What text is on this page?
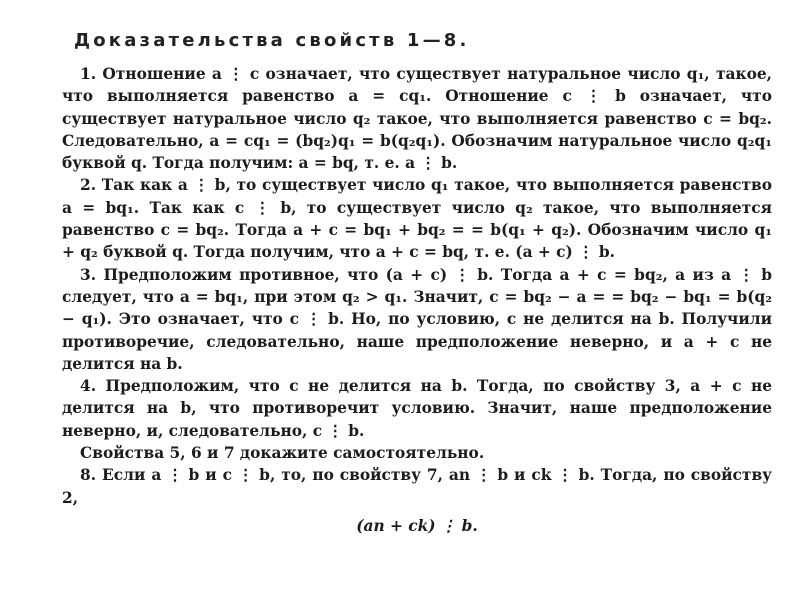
Доказательства свойств 1—8.

1. Отношение a ⋮ c означает, что существует натуральное число q₁, такое, что выполняется равенство a = cq₁. Отношение c ⋮ b означает, что существует натуральное число q₂ такое, что выполняется равенство c = bq₂. Следовательно, a = cq₁ = (bq₂)q₁ = b(q₂q₁). Обозначим натуральное число q₂q₁ буквой q. Тогда получим: a = bq, т. е. a ⋮ b.

2. Так как a ⋮ b, то существует число q₁ такое, что выполняется равенство a = bq₁. Так как c ⋮ b, то существует число q₂ такое, что выполняется равенство c = bq₂. Тогда a + c = bq₁ + bq₂ = = b(q₁ + q₂). Обозначим число q₁ + q₂ буквой q. Тогда получим, что a + c = bq, т. е. (a + c) ⋮ b.

3. Предположим противное, что (a + c) ⋮ b. Тогда a + c = bq₂, а из a ⋮ b следует, что a = bq₁, при этом q₂ > q₁. Значит, c = bq₂ − a = = bq₂ − bq₁ = b(q₂ − q₁). Это означает, что c ⋮ b. Но, по условию, c не делится на b. Получили противоречие, следовательно, наше предположение неверно, и a + c не делится на b.

4. Предположим, что c не делится на b. Тогда, по свойству 3, a + c не делится на b, что противоречит условию. Значит, наше предположение неверно, и, следовательно, c ⋮ b.

Свойства 5, 6 и 7 докажите самостоятельно.

8. Если a ⋮ b и c ⋮ b, то, по свойству 7, an ⋮ b и ck ⋮ b. Тогда, по свойству 2,

(an + ck) ⋮ b.
